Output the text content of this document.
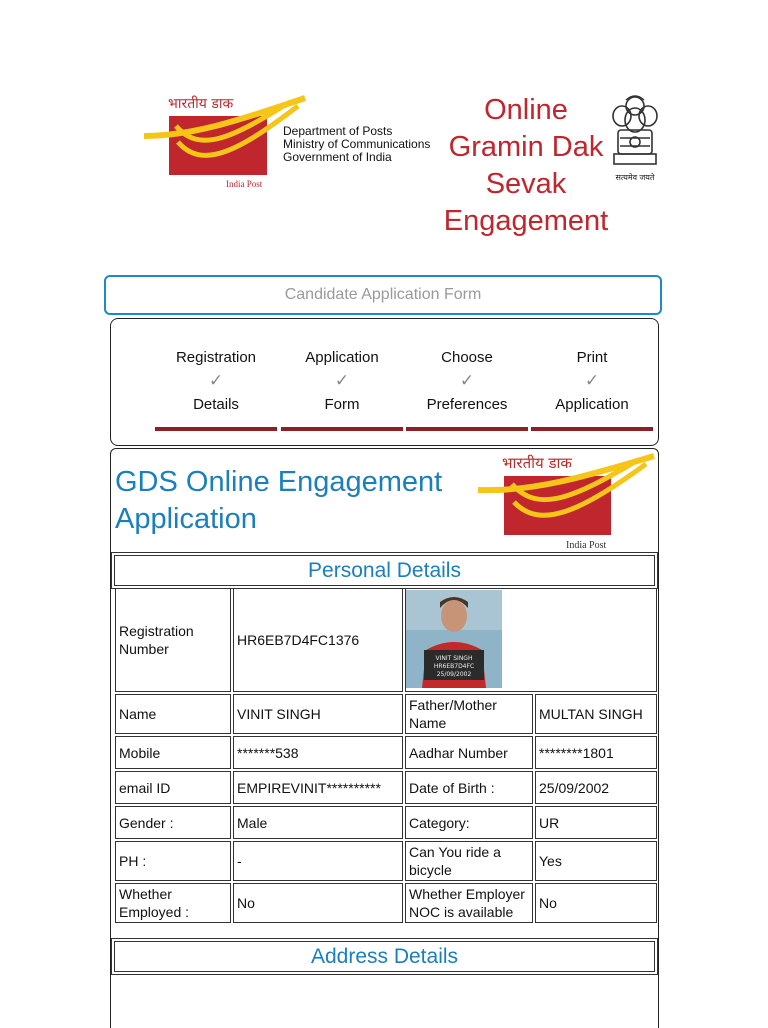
भारतीय डाक
India Post
Department of Posts
Ministry of Communications
Government of India
Online
Gramin Dak
Sevak
Engagement
सत्यमेव जयते
Candidate Application Form
Registration
✓
Details
Application
✓
Form
Choose
✓
Preferences
Print
✓
Application
GDS Online Engagement
Application
भारतीय डाक
India Post
Personal Details
Registration Number	HR6EB7D4FC1376	VINIT SINGH
HR6EB7D4FC
25/09/2002	

Name	VINIT SINGH	Father/Mother Name	MULTAN SINGH
Mobile	*******538	Aadhar Number	********1801
email ID	EMPIREVINIT**********	Date of Birth :	25/09/2002
Gender :	Male	Category:	UR
PH :	-	Can You ride a bicycle	Yes
Whether Employed :	No	Whether Employer NOC is available	No
Address Details
